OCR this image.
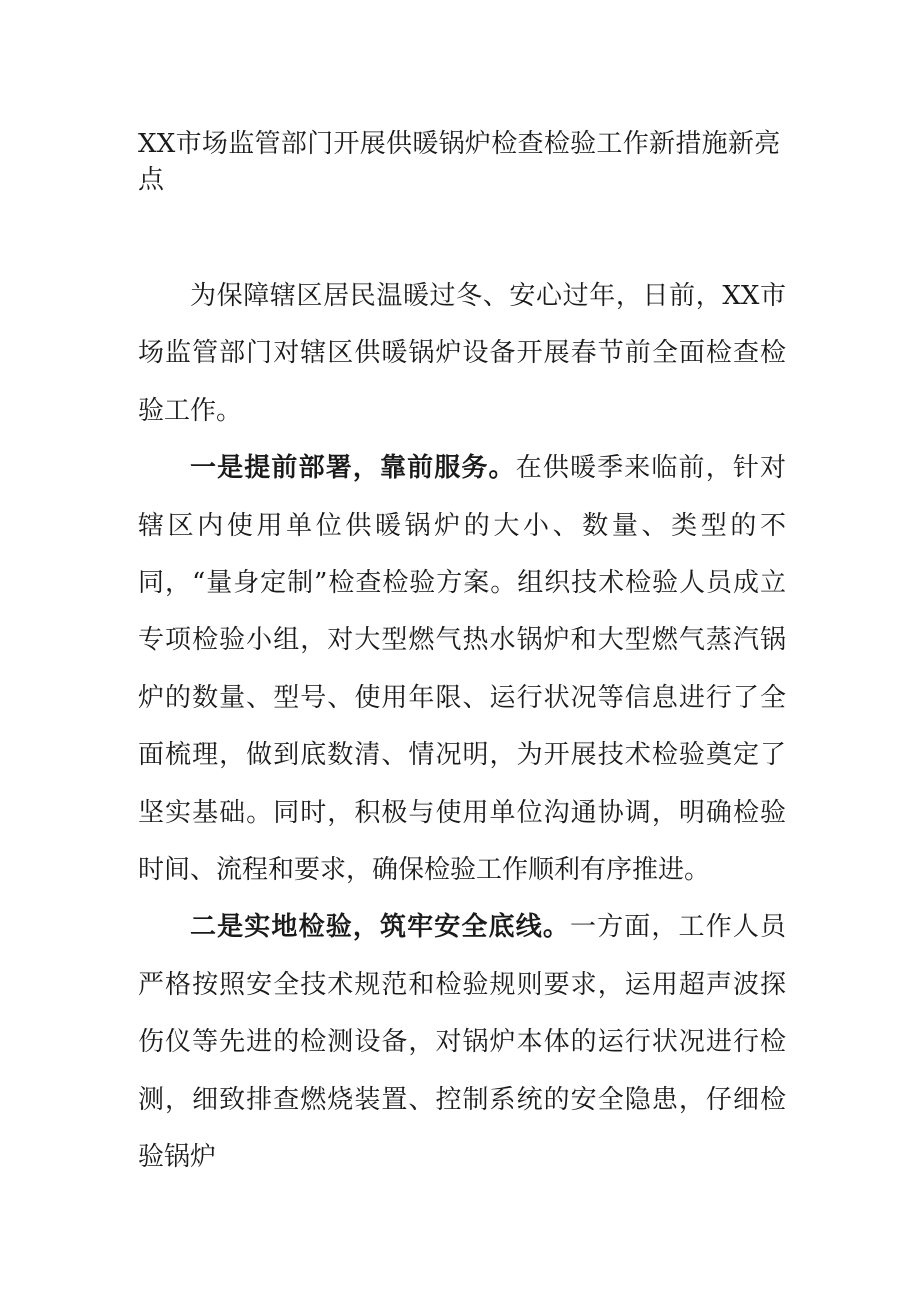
XX市场监管部门开展供暖锅炉检查检验工作新措施新亮点

为保障辖区居民温暖过冬、安心过年，日前，XX市场监管部门对辖区供暖锅炉设备开展春节前全面检查检验工作。

一是提前部署，靠前服务。在供暖季来临前，针对辖区内使用单位供暖锅炉的大小、数量、类型的不同，“量身定制”检查检验方案。组织技术检验人员成立专项检验小组，对大型燃气热水锅炉和大型燃气蒸汽锅炉的数量、型号、使用年限、运行状况等信息进行了全面梳理，做到底数清、情况明，为开展技术检验奠定了坚实基础。同时，积极与使用单位沟通协调，明确检验时间、流程和要求，确保检验工作顺利有序推进。

二是实地检验，筑牢安全底线。一方面，工作人员严格按照安全技术规范和检验规则要求，运用超声波探伤仪等先进的检测设备，对锅炉本体的运行状况进行检测，细致排查燃烧装置、控制系统的安全隐患，仔细检验锅炉
